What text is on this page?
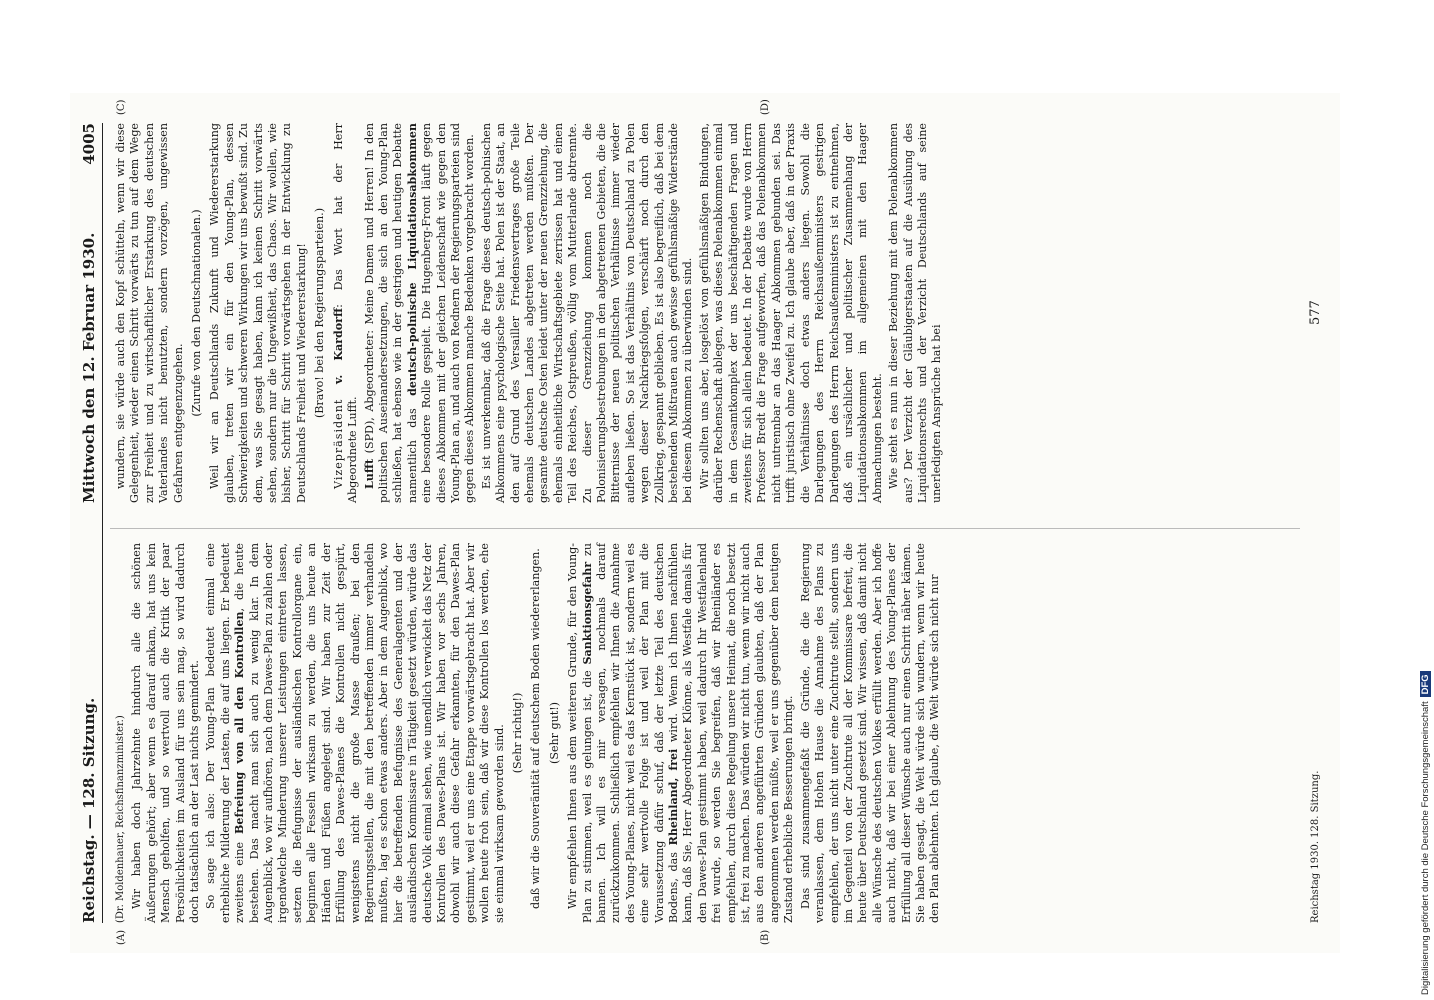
Reichstag. — 128. Sitzung.
Mittwoch den 12. Februar 1930.
4005
(A)	(B)
(C)	(D)

(Dr. Moldenhauer, Reichsfinanzminister.) Wir haben doch Jahrzehnte hindurch alle die schönen Äußerungen gehört; aber wenn es darauf ankam, hat uns kein Mensch geholfen, und so wertvoll auch die Kritik der paar Persönlichkeiten im Ausland für uns sein mag, so wird dadurch doch tatsächlich an der Last nichts gemindert. So sage ich also: Der Young-Plan bedeutet einmal eine erhebliche Milderung der Lasten, die auf uns liegen. Er bedeutet zweitens eine Befreiung von all den Kontrollen, die heute bestehen. Das macht man sich auch zu wenig klar. In dem Augenblick, wo wir aufhören, nach dem Dawes-Plan zu zahlen oder irgendwelche Minderung unserer Leistungen eintreten lassen, setzen die Befugnisse der ausländischen Kontrollorgane ein, beginnen alle Fesseln wirksam zu werden, die uns heute an Händen und Füßen angelegt sind. Wir haben zur Zeit der Erfüllung des Dawes-Planes die Kontrollen nicht gespürt, wenigstens nicht die große Masse draußen; bei den Regierungsstellen, die mit den betreffenden immer verhandeln mußten, lag es schon etwas anders. Aber in dem Augenblick, wo hier die betreffenden Befugnisse des Generalagenten und der ausländischen Kommissare in Tätigkeit gesetzt würden, würde das deutsche Volk einmal sehen, wie unendlich verwickelt das Netz der Kontrollen des Dawes-Plans ist. Wir haben vor sechs Jahren, obwohl wir auch diese Gefahr erkannten, für den Dawes-Plan gestimmt, weil er uns eine Etappe vorwärtsgebracht hat. Aber wir wollen heute froh sein, daß wir diese Kontrollen los werden, ehe sie einmal wirksam geworden sind. (Sehr richtig!) daß wir die Souveränität auf deutschem Boden wiedererlangen. (Sehr gut!) Wir empfehlen Ihnen aus dem weiteren Grunde, für den Young-Plan zu stimmen, weil es gelungen ist, die Sanktionsgefahr zu bannen. Ich will es mir versagen, nochmals darauf zurückzukommen. Schließlich empfehlen wir Ihnen die Annahme des Young-Planes, nicht weil es das Kernstück ist, sondern weil es eine sehr wertvolle Folge ist und weil der Plan mit die Voraussetzung dafür schuf, daß der letzte Teil des deutschen Bodens, das Rheinland, frei wird. Wenn ich Ihnen nachfühlen kann, daß Sie, Herr Abgeordneter Klönne, als Westfale damals für den Dawes-Plan gestimmt haben, weil dadurch Ihr Westfalenland frei wurde, so werden Sie begreifen, daß wir Rheinländer es empfehlen, durch diese Regelung unsere Heimat, die noch besetzt ist, frei zu machen. Das würden wir nicht tun, wenn wir nicht auch aus den anderen angeführten Gründen glaubten, daß der Plan angenommen werden müßte, weil er uns gegenüber dem heutigen Zustand erhebliche Besserungen bringt. Das sind zusammengefaßt die Gründe, die die Regierung veranlassen, dem Hohen Hause die Annahme des Plans zu empfehlen, der uns nicht unter eine Zuchtrute stellt, sondern uns im Gegenteil von der Zuchtrute all der Kommissare befreit, die heute über Deutschland gesetzt sind. Wir wissen, daß damit nicht alle Wünsche des deutschen Volkes erfüllt werden. Aber ich hoffe auch nicht, daß wir bei einer Ablehnung des Young-Planes der Erfüllung all dieser Wünsche auch nur einen Schritt näher kämen. Sie haben gesagt, die Welt würde sich wundern, wenn wir heute den Plan ablehnten. Ich glaube, die Welt würde sich nicht nur

wundern, sie würde auch den Kopf schütteln, wenn wir diese Gelegenheit, wieder einen Schritt vorwärts zu tun auf dem Wege zur Freiheit und zu wirtschaftlicher Erstarkung des deutschen Vaterlandes nicht benutzten, sondern vorzögen, ungewissen Gefahren entgegenzugehen.

(Zurufe von den Deutschnationalen.) Weil wir an Deutschlands Zukunft und Wiedererstarkung glauben, treten wir ein für den Young-Plan, dessen Schwierigkeiten und schweren Wirkungen wir uns bewußt sind. Zu dem, was Sie gesagt haben, kann ich keinen Schritt vorwärts sehen, sondern nur die Ungewißheit, das Chaos. Wir wollen, wie bisher, Schritt für Schritt vorwärtsgehen in der Entwicklung zu Deutschlands Freiheit und Wiedererstarkung! (Bravo! bei den Regierungsparteien.)

Vizepräsident v. Kardorff: Das Wort hat der Herr Abgeordnete Lufft. Lufft (SPD), Abgeordneter: Meine Damen und Herren! In den politischen Auseinandersetzungen, die sich an den Young-Plan schließen, hat ebenso wie in der gestrigen und heutigen Debatte namentlich das deutsch-polnische Liquidationsabkommen eine besondere Rolle gespielt. Die Hugenberg-Front läuft gegen dieses Abkommen mit der gleichen Leidenschaft wie gegen den Young-Plan an, und auch von Rednern der Regierungsparteien sind gegen dieses Abkommen manche Bedenken vorgebracht worden. Es ist unverkennbar, daß die Frage dieses deutsch-polnischen Abkommens eine psychologische Seite hat. Polen ist der Staat, an den auf Grund des Versailler Friedensvertrages große Teile ehemals deutschen Landes abgetreten werden mußten. Der gesamte deutsche Osten leidet unter der neuen Grenzziehung, die ehemals einheitliche Wirtschaftsgebiete zerrissen hat und einen Teil des Reiches, Ostpreußen, völlig vom Mutterlande abtrennte. Zu dieser Grenzziehung kommen noch die Polonisierungsbestrebungen in den abgetretenen Gebieten, die die Bitternisse der neuen politischen Verhältnisse immer wieder aufleben ließen. So ist das Verhältnis von Deutschland zu Polen wegen dieser Nachkriegsfolgen, verschärft noch durch den Zollkrieg, gespannt geblieben. Es ist also begreiflich, daß bei dem bestehenden Mißtrauen auch gewisse gefühlsmäßige Widerstände bei diesem Abkommen zu überwinden sind. Wir sollten uns aber, losgelöst von gefühlsmäßigen Bindungen, darüber Rechenschaft ablegen, was dieses Polenabkommen einmal in dem Gesamtkomplex der uns beschäftigenden Fragen und zweitens für sich allein bedeutet. In der Debatte wurde von Herrn Professor Bredt die Frage aufgeworfen, daß das Polenabkommen nicht untrennbar an das Haager Abkommen gebunden sei. Das trifft juristisch ohne Zweifel zu. Ich glaube aber, daß in der Praxis die Verhältnisse doch etwas anders liegen. Sowohl die Darlegungen des Herrn Reichsaußenministers gestrigen Darlegungen des Herrn Reichsaußenministers ist zu entnehmen, daß ein ursächlicher und politischer Zusammenhang der Liquidationsabkommen im allgemeinen mit den Haager Abmachungen besteht. Wie steht es nun in dieser Beziehung mit dem Polenabkommen aus? Der Verzicht der Gläubigerstaaten auf die Ausübung des Liquidationsrechts und der Verzicht Deutschlands auf seine unerledigten Ansprüche hat bei

Reichstag 1930. 128. Sitzung.
577
Digitalisierung gefördert durch die Deutsche ForschungsgemeinschaftDFG
